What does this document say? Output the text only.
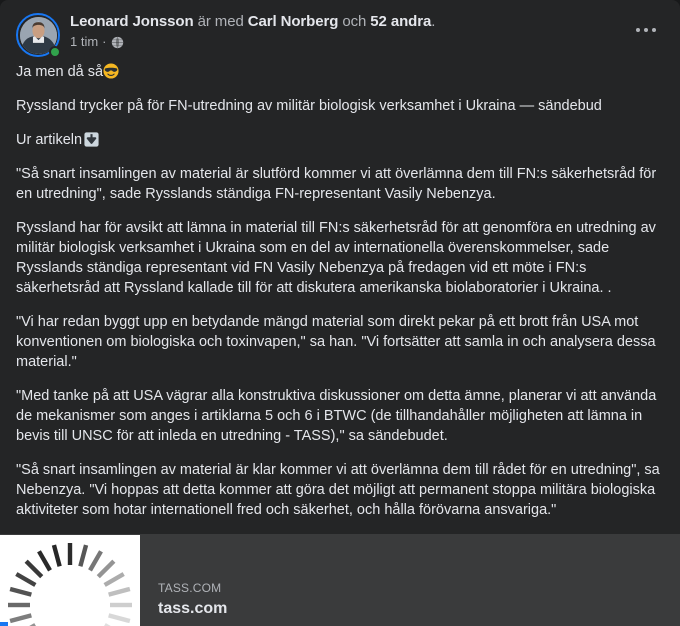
Leonard Jonsson är med Carl Norberg och 52 andra.
1 tim ·

Ja men då så

Ryssland trycker på för FN-utredning av militär biologisk verksamhet i Ukraina — sändebud

Ur artikeln

"Så snart insamlingen av material är slutförd kommer vi att överlämna dem till FN:s säkerhetsråd för en utredning", sade Rysslands ständiga FN-representant Vasily Nebenzya.

Ryssland har för avsikt att lämna in material till FN:s säkerhetsråd för att genomföra en utredning av militär biologisk verksamhet i Ukraina som en del av internationella överenskommelser, sade Rysslands ständiga representant vid FN Vasily Nebenzya på fredagen vid ett möte i FN:s säkerhetsråd att Ryssland kallade till för att diskutera amerikanska biolaboratorier i Ukraina. .

"Vi har redan byggt upp en betydande mängd material som direkt pekar på ett brott från USA mot konventionen om biologiska och toxinvapen," sa han. "Vi fortsätter att samla in och analysera dessa material."

"Med tanke på att USA vägrar alla konstruktiva diskussioner om detta ämne, planerar vi att använda de mekanismer som anges i artiklarna 5 och 6 i BTWC (de tillhandahåller möjligheten att lämna in bevis till UNSC för att inleda en utredning - TASS)," sa sändebudet.

"Så snart insamlingen av material är klar kommer vi att överlämna dem till rådet för en utredning", sa Nebenzya. "Vi hoppas att detta kommer att göra det möjligt att permanent stoppa militära biologiska aktiviteter som hotar internationell fred och säkerhet, och hålla förövarna ansvariga."

TASS.COM
tass.com
